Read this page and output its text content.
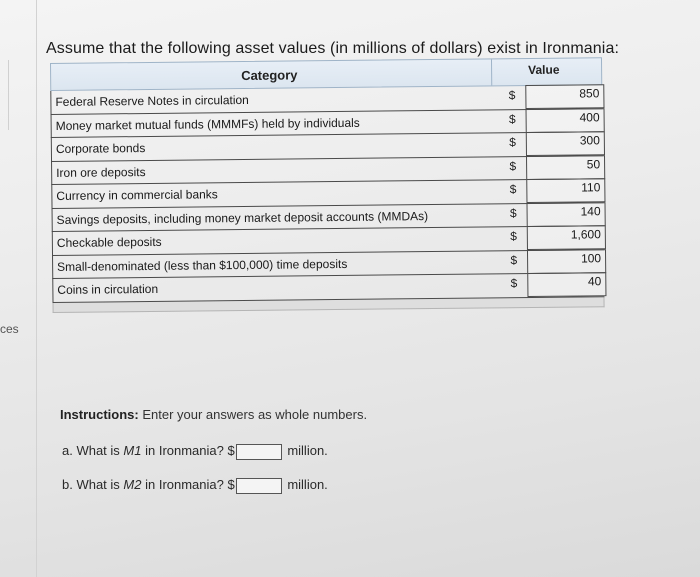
ces
Assume that the following asset values (in millions of dollars) exist in Ironmania:
Category	Value
Federal Reserve Notes in circulation	$	850
Money market mutual funds (MMMFs) held by individuals	$	400
Corporate bonds	$	300
Iron ore deposits	$	50
Currency in commercial banks	$	110
Savings deposits, including money market deposit accounts (MMDAs)	$	140
Checkable deposits	$	1,600
Small-denominated (less than $100,000) time deposits	$	100
Coins in circulation	$	40
Instructions: Enter your answers as whole numbers.
a. What is M1 in Ironmania? $	million.
b. What is M2 in Ironmania? $	million.
